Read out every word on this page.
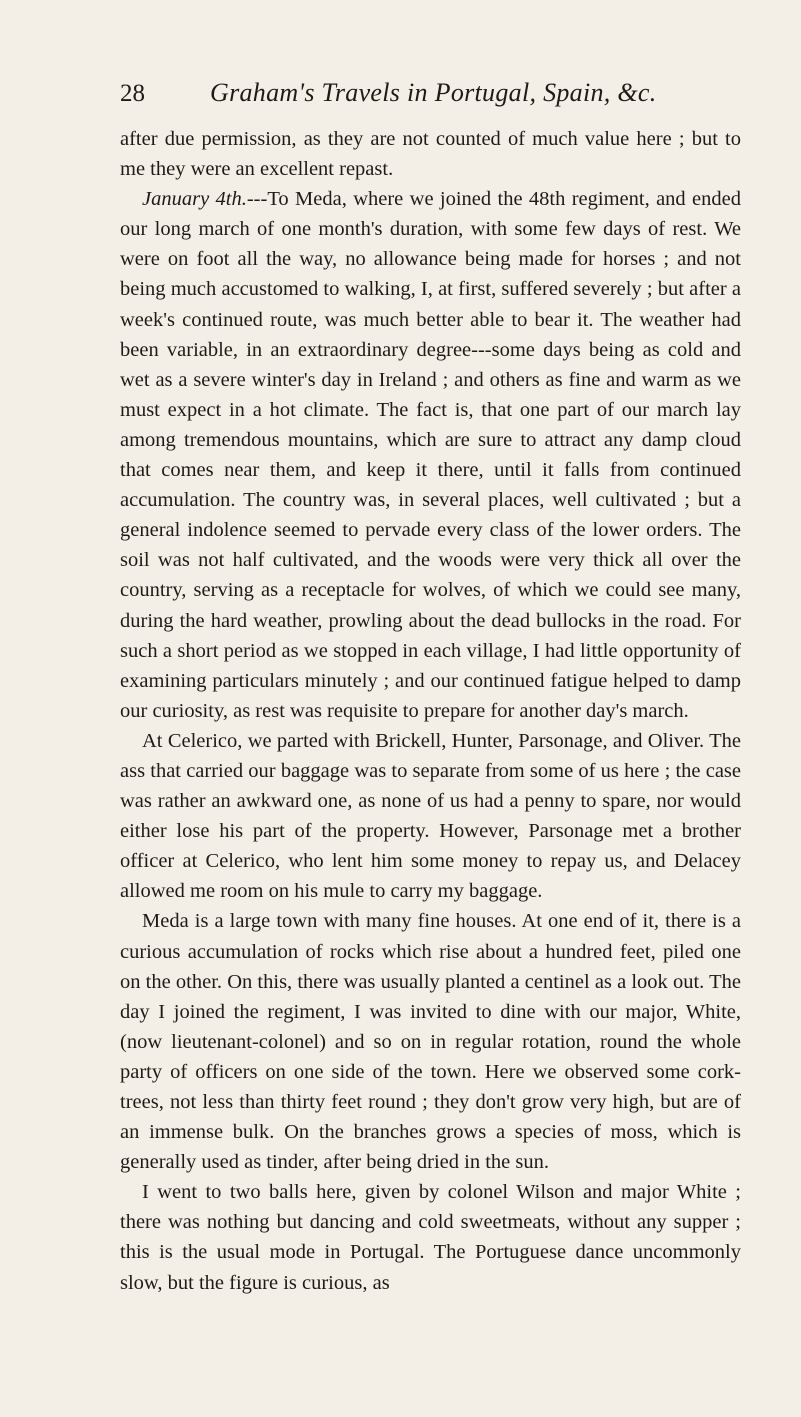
28	Graham's Travels in Portugal, Spain, &c.

after due permission, as they are not counted of much value here ; but to me they were an excellent repast.

January 4th.---To Meda, where we joined the 48th regiment, and ended our long march of one month's duration, with some few days of rest. We were on foot all the way, no allowance being made for horses ; and not being much accustomed to walking, I, at first, suffered severely ; but after a week's continued route, was much better able to bear it. The weather had been variable, in an extraordinary degree---some days being as cold and wet as a severe winter's day in Ireland ; and others as fine and warm as we must expect in a hot climate. The fact is, that one part of our march lay among tremendous mountains, which are sure to attract any damp cloud that comes near them, and keep it there, until it falls from continued accumulation. The country was, in several places, well cultivated ; but a general indolence seemed to pervade every class of the lower orders. The soil was not half cultivated, and the woods were very thick all over the country, serving as a receptacle for wolves, of which we could see many, during the hard weather, prowling about the dead bullocks in the road. For such a short period as we stopped in each village, I had little opportunity of examining particulars minutely ; and our continued fatigue helped to damp our curiosity, as rest was requisite to prepare for another day's march.

At Celerico, we parted with Brickell, Hunter, Parsonage, and Oliver. The ass that carried our baggage was to separate from some of us here ; the case was rather an awkward one, as none of us had a penny to spare, nor would either lose his part of the property. However, Parsonage met a brother officer at Celerico, who lent him some money to repay us, and Delacey allowed me room on his mule to carry my baggage.

Meda is a large town with many fine houses. At one end of it, there is a curious accumulation of rocks which rise about a hundred feet, piled one on the other. On this, there was usually planted a centinel as a look out. The day I joined the regiment, I was invited to dine with our major, White, (now lieutenant-colonel) and so on in regular rotation, round the whole party of officers on one side of the town. Here we observed some cork-trees, not less than thirty feet round ; they don't grow very high, but are of an immense bulk. On the branches grows a species of moss, which is generally used as tinder, after being dried in the sun.

I went to two balls here, given by colonel Wilson and major White ; there was nothing but dancing and cold sweetmeats, without any supper ; this is the usual mode in Portugal. The Portuguese dance uncommonly slow, but the figure is curious, as
